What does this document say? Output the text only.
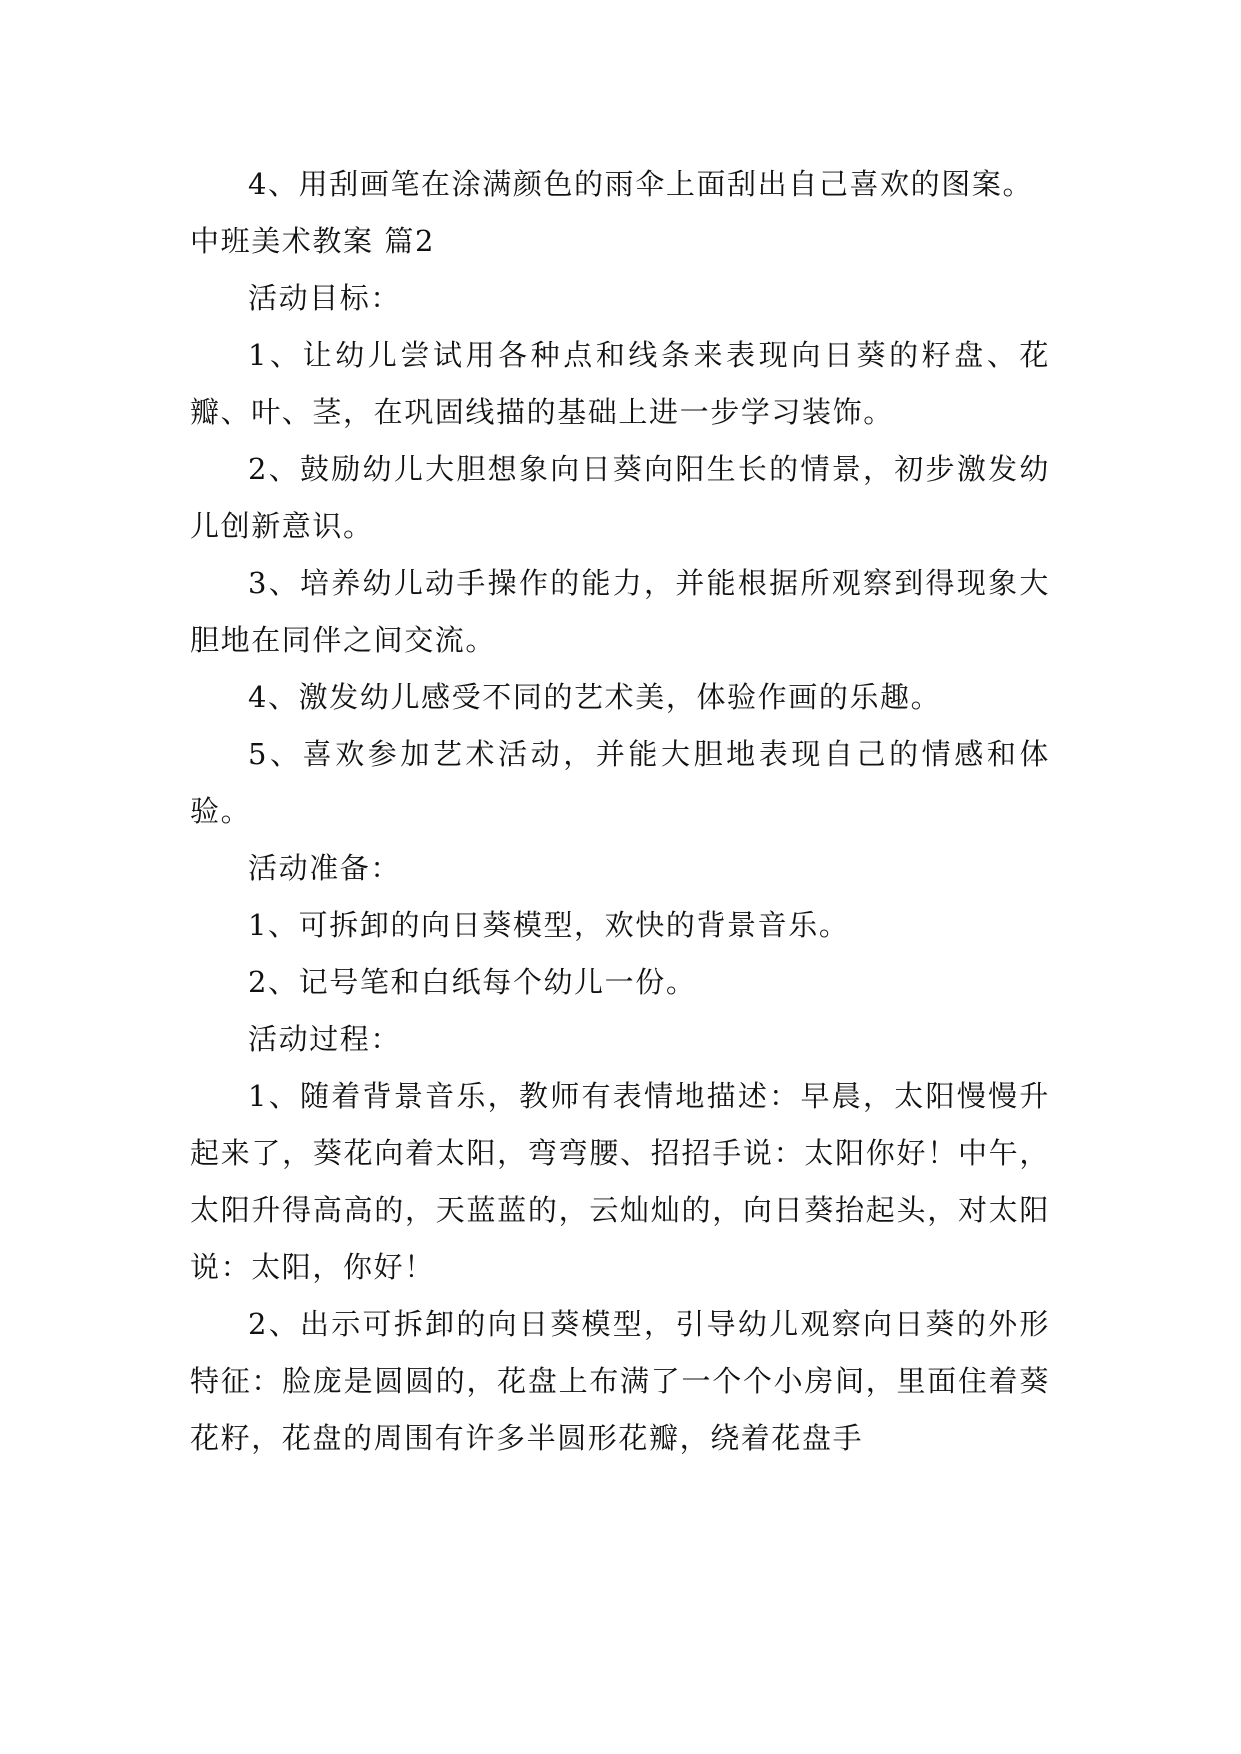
4、用刮画笔在涂满颜色的雨伞上面刮出自己喜欢的图案。

中班美术教案 篇2

活动目标：

1、让幼儿尝试用各种点和线条来表现向日葵的籽盘、花瓣、叶、茎，在巩固线描的基础上进一步学习装饰。

2、鼓励幼儿大胆想象向日葵向阳生长的情景，初步激发幼儿创新意识。

3、培养幼儿动手操作的能力，并能根据所观察到得现象大胆地在同伴之间交流。

4、激发幼儿感受不同的艺术美，体验作画的乐趣。

5、喜欢参加艺术活动，并能大胆地表现自己的情感和体验。

活动准备：

1、可拆卸的向日葵模型，欢快的背景音乐。

2、记号笔和白纸每个幼儿一份。

活动过程：

1、随着背景音乐，教师有表情地描述：早晨，太阳慢慢升起来了，葵花向着太阳，弯弯腰、招招手说：太阳你好！中午，太阳升得高高的，天蓝蓝的，云灿灿的，向日葵抬起头，对太阳说：太阳，你好！

2、出示可拆卸的向日葵模型，引导幼儿观察向日葵的外形特征：脸庞是圆圆的，花盘上布满了一个个小房间，里面住着葵花籽，花盘的周围有许多半圆形花瓣，绕着花盘手
